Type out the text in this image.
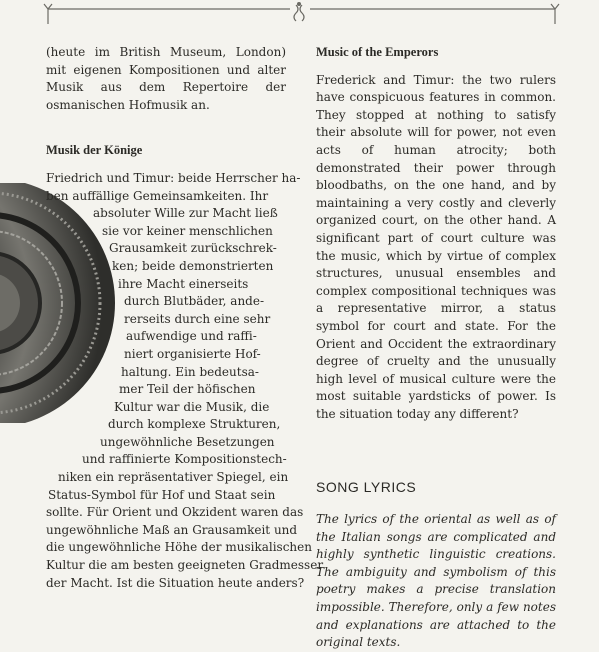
(heute im British Museum, London) mit eigenen Kompositionen und alter Musik aus dem Repertoire der osmanischen Hofmusik an.

Musik der Könige
Friedrich und Timur: beide Herrscher ha-
ben auffällige Gemeinsamkeiten. Ihr
absoluter Wille zur Macht ließ
sie vor keiner menschlichen
Grausamkeit zurückschrek-
ken; beide demonstrierten
ihre Macht einerseits
durch Blutbäder, ande-
rerseits durch eine sehr
aufwendige und raffi-
niert organisierte Hof-
haltung. Ein bedeutsa-
mer Teil der höfischen
Kultur war die Musik, die
durch komplexe Strukturen,
ungewöhnliche Besetzungen
und raffinierte Kompositionstech-
niken ein repräsentativer Spiegel, ein
Status-Symbol für Hof und Staat sein
sollte. Für Orient und Okzident waren das
ungewöhnliche Maß an Grausamkeit und
die ungewöhnliche Höhe der musikalischen
Kultur die am besten geeigneten Gradmesser
der Macht. Ist die Situation heute anders?
Music of the Emperors

Frederick and Timur: the two rulers have conspicuous features in common. They stopped at nothing to satisfy their absolute will for power, not even acts of human atrocity; both demonstrated their power through bloodbaths, on the one hand, and by maintaining a very costly and cleverly organized court, on the other hand. A significant part of court culture was the music, which by virtue of complex structures, unusual ensembles and complex compositional techniques was a representative mirror, a status symbol for court and state. For the Orient and Occident the extraordinary degree of cruelty and the unusually high level of musical culture were the most suitable yardsticks of power. Is the situation today any different?

SONG LYRICS

The lyrics of the oriental as well as of the Italian songs are complicated and highly synthetic linguistic creations. The ambiguity and symbolism of this poetry makes a precise translation impossible. Therefore, only a few notes and explanations are attached to the original texts.
